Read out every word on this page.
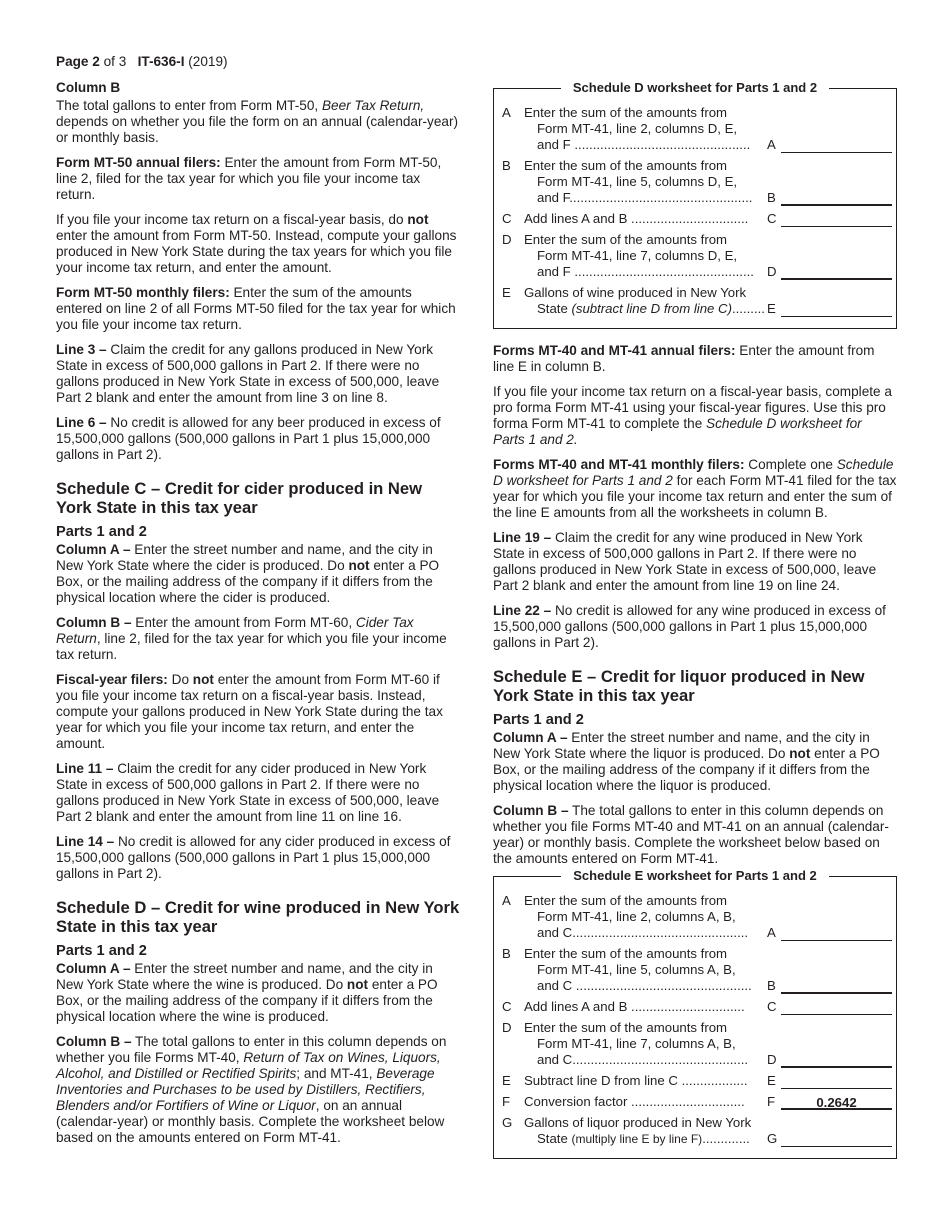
Page 2 of 3 IT-636-I (2019)
Column B

The total gallons to enter from Form MT-50, Beer Tax Return, depends on whether you file the form on an annual (calendar-year) or monthly basis.

Form MT-50 annual filers: Enter the amount from Form MT-50, line 2, filed for the tax year for which you file your income tax return.

If you file your income tax return on a fiscal-year basis, do not enter the amount from Form MT-50. Instead, compute your gallons produced in New York State during the tax years for which you file your income tax return, and enter the amount.

Form MT-50 monthly filers: Enter the sum of the amounts entered on line 2 of all Forms MT-50 filed for the tax year for which you file your income tax return.

Line 3 – Claim the credit for any gallons produced in New York State in excess of 500,000 gallons in Part 2. If there were no gallons produced in New York State in excess of 500,000, leave Part 2 blank and enter the amount from line 3 on line 8.

Line 6 – No credit is allowed for any beer produced in excess of 15,500,000 gallons (500,000 gallons in Part 1 plus 15,000,000 gallons in Part 2).

Schedule C – Credit for cider produced in New York State in this tax year
Parts 1 and 2

Column A – Enter the street number and name, and the city in New York State where the cider is produced. Do not enter a PO Box, or the mailing address of the company if it differs from the physical location where the cider is produced.

Column B – Enter the amount from Form MT-60, Cider Tax Return, line 2, filed for the tax year for which you file your income tax return.

Fiscal-year filers: Do not enter the amount from Form MT-60 if you file your income tax return on a fiscal-year basis. Instead, compute your gallons produced in New York State during the tax year for which you file your income tax return, and enter the amount.

Line 11 – Claim the credit for any cider produced in New York State in excess of 500,000 gallons in Part 2. If there were no gallons produced in New York State in excess of 500,000, leave Part 2 blank and enter the amount from line 11 on line 16.

Line 14 – No credit is allowed for any cider produced in excess of 15,500,000 gallons (500,000 gallons in Part 1 plus 15,000,000 gallons in Part 2).

Schedule D – Credit for wine produced in New York State in this tax year
Parts 1 and 2

Column A – Enter the street number and name, and the city in New York State where the wine is produced. Do not enter a PO Box, or the mailing address of the company if it differs from the physical location where the wine is produced.

Column B – The total gallons to enter in this column depends on whether you file Forms MT-40, Return of Tax on Wines, Liquors, Alcohol, and Distilled or Rectified Spirits; and MT-41, Beverage Inventories and Purchases to be used by Distillers, Rectifiers, Blenders and/or Fortifiers of Wine or Liquor, on an annual (calendar-year) or monthly basis. Complete the worksheet below based on the amounts entered on Form MT-41.

Schedule D worksheet for Parts 1 and 2
A	Enter the sum of the amounts from
Form MT-41, line 2, columns D, E,
and F ................................................	A
B	Enter the sum of the amounts from
Form MT-41, line 5, columns D, E,
and F..................................................	B
C Add lines A and B ................................	C
D Enter the sum of the amounts from
Form MT-41, line 7, columns D, E,
and F ................................................. D
E	Gallons of wine produced in New York
State (subtract line D from line C)......... E

Forms MT-40 and MT-41 annual filers: Enter the amount from line E in column B.

If you file your income tax return on a fiscal-year basis, complete a pro forma Form MT-41 using your fiscal-year figures. Use this pro forma Form MT-41 to complete the Schedule D worksheet for Parts 1 and 2.

Forms MT-40 and MT-41 monthly filers: Complete one Schedule D worksheet for Parts 1 and 2 for each Form MT-41 filed for the tax year for which you file your income tax return and enter the sum of the line E amounts from all the worksheets in column B.

Line 19 – Claim the credit for any wine produced in New York State in excess of 500,000 gallons in Part 2. If there were no gallons produced in New York State in excess of 500,000, leave Part 2 blank and enter the amount from line 19 on line 24.

Line 22 – No credit is allowed for any wine produced in excess of 15,500,000 gallons (500,000 gallons in Part 1 plus 15,000,000 gallons in Part 2).

Schedule E – Credit for liquor produced in New York State in this tax year
Parts 1 and 2

Column A – Enter the street number and name, and the city in New York State where the liquor is produced. Do not enter a PO Box, or the mailing address of the company if it differs from the physical location where the liquor is produced.

Column B – The total gallons to enter in this column depends on whether you file Forms MT-40 and MT-41 on an annual (calendar-year) or monthly basis. Complete the worksheet below based on the amounts entered on Form MT-41.

Schedule E worksheet for Parts 1 and 2
A	Enter the sum of the amounts from
Form MT-41, line 2, columns A, B,
and C................................................	A
B	Enter the sum of the amounts from
Form MT-41, line 5, columns A, B,
and C ................................................	B
C Add lines A and B ...............................	C
D Enter the sum of the amounts from
Form MT-41, line 7, columns A, B,
and C................................................	D
E	Subtract line D from line C ..................	E
F	Conversion factor ...............................	F	0.2642
G Gallons of liquor produced in New York
State (multiply line E by line F).............	G
